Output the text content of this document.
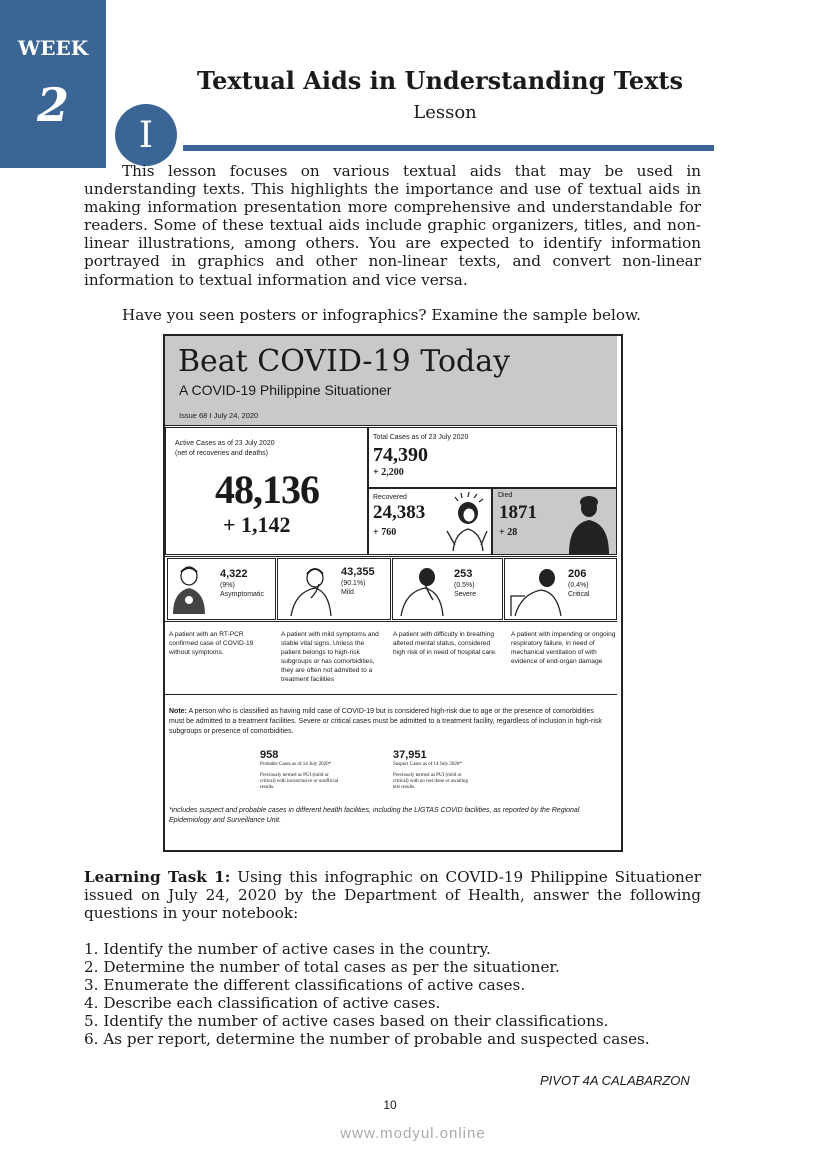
WEEK
2	Textual Aids in Understanding Texts
Lesson
I
This lesson focuses on various textual aids that may be used in understanding texts. This highlights the importance and use of textual aids in making information presentation more comprehensive and understandable for readers. Some of these textual aids include graphic organizers, titles, and non-linear illustrations, among others. You are expected to identify information portrayed in graphics and other non-linear texts, and convert non-linear information to textual information and vice versa.
Have you seen posters or infographics? Examine the sample below.
Beat COVID-19 Today
A COVID-19 Philippine Situationer
Issue 68 I July 24, 2020
Active Cases as of 23 July 2020
(net of recoveries and deaths)
48,136
+ 1,142
Total Cases as of 23 July 2020
74,390
+ 2,200
Recovered
24,383
+ 760
Died
1871
+ 28
4,322
(9%)
Asymptomatic
43,355
(90.1%)
Mild
253
(0.5%)
Severe
206
(0.4%)
Critical
A patient with an RT-PCR confirmed case of COVID-19 without symptoms.
A patient with mild symptoms and stable vital signs. Unless the patient belongs to high-risk subgroups or has comorbidities, they are often not admitted to a treatment facilities
A patient with difficulty in breathing altered mental status, considered high risk of in need of hospital care.
A patient with impending or ongoing respiratory failure, in need of mechanical ventilation of with evidence of end-organ damage
Note: A person who is classified as having mild case of COVID-19 but is considered high-risk due to age or the presence of comorbidities must be admitted to a treatment facilities. Severe or critical cases must be admitted to a treatment facility, regardless of inclusion in high-risk subgroups or presence of comorbidities.
958
Probable Cases as of 14 July 2020*
Previously termed as PUI (mild or critical) with inconclusive or unofficial results.
37,951
Suspect Cases as of 14 July 2020*
Previously termed as PUI (mild or critical) with no test done or awaiting test results.
*includes suspect and probable cases in different health facilities, including the LIGTAS COVID facilities, as reported by the Regional Epidemiology and Surveillance Unit.
Learning Task 1: Using this infographic on COVID-19 Philippine Situationer issued on July 24, 2020 by the Department of Health, answer the following questions in your notebook:
1. Identify the number of active cases in the country.
2. Determine the number of total cases as per the situationer.
3. Enumerate the different classifications of active cases.
4. Describe each classification of active cases.
5. Identify the number of active cases based on their classifications.
6. As per report, determine the number of probable and suspected cases.
PIVOT 4A CALABARZON
10
www.modyul.online
